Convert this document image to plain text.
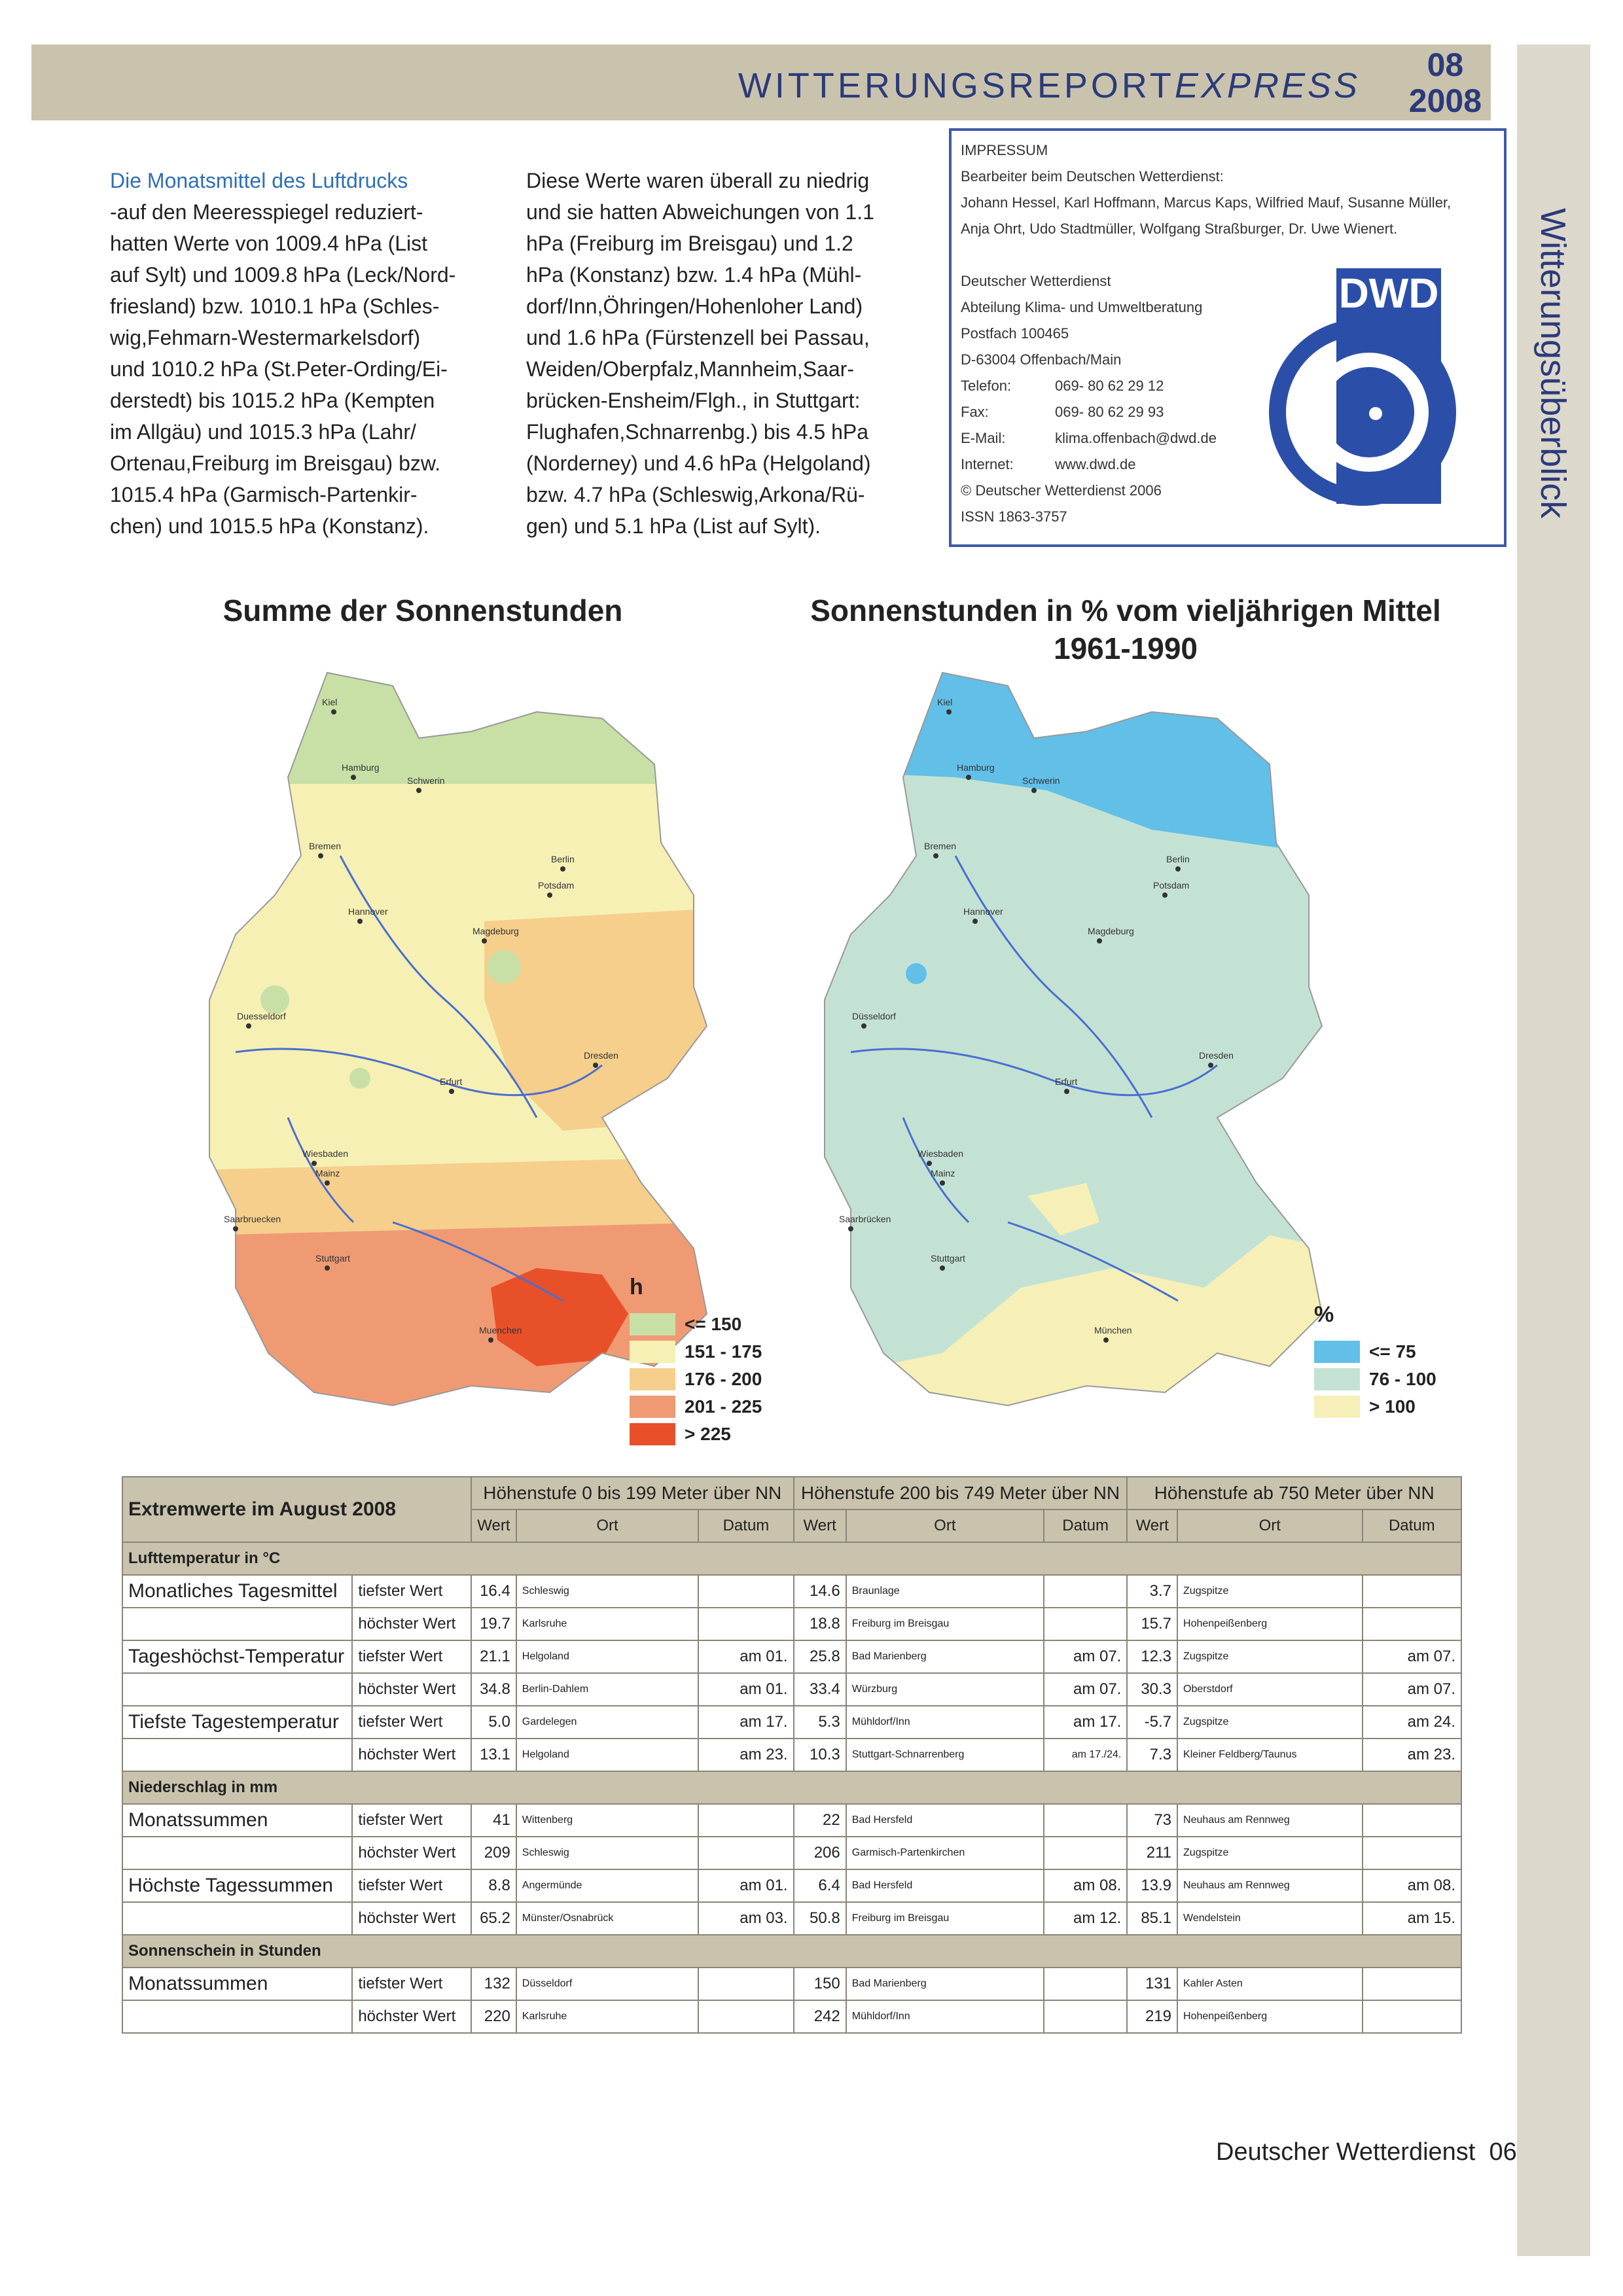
WITTERUNGSREPORTEXPRESS
08
2008
Witterungsüberblick
Die Monatsmittel des Luftdrucks
-auf den Meeresspiegel reduziert-
hatten Werte von 1009.4 hPa (List
auf Sylt) und 1009.8 hPa (Leck/Nord-
friesland) bzw. 1010.1 hPa (Schles-
wig,Fehmarn-Westermarkelsdorf)
und 1010.2 hPa (St.Peter-Ording/Ei-
derstedt) bis 1015.2 hPa (Kempten
im Allgäu) und 1015.3 hPa (Lahr/
Ortenau,Freiburg im Breisgau) bzw.
1015.4 hPa (Garmisch-Partenkir-
chen) und 1015.5 hPa (Konstanz).
Diese Werte waren überall zu niedrig
und sie hatten Abweichungen von 1.1
hPa (Freiburg im Breisgau) und 1.2
hPa (Konstanz) bzw. 1.4 hPa (Mühl-
dorf/Inn,Öhringen/Hohenloher Land)
und 1.6 hPa (Fürstenzell bei Passau,
Weiden/Oberpfalz,Mannheim,Saar-
brücken-Ensheim/Flgh., in Stuttgart:
Flughafen,Schnarrenbg.) bis 4.5 hPa
(Norderney) und 4.6 hPa (Helgoland)
bzw. 4.7 hPa (Schleswig,Arkona/Rü-
gen) und 5.1 hPa (List auf Sylt).
IMPRESSUM
Bearbeiter beim Deutschen Wetterdienst:
Johann Hessel, Karl Hoffmann, Marcus Kaps, Wilfried Mauf, Susanne Müller,
Anja Ohrt, Udo Stadtmüller, Wolfgang Straßburger, Dr. Uwe Wienert.
Deutscher Wetterdienst
Abteilung Klima- und Umweltberatung
Postfach 100465
D-63004 Offenbach/Main
Telefon:	069- 80 62 29 12
Fax:	069- 80 62 29 93
E-Mail:	klima.offenbach@dwd.de
Internet:	www.dwd.de
© Deutscher Wetterdienst 2006
ISSN 1863-3757
DWD
Summe der Sonnenstunden	Sonnenstunden in % vom vieljährigen Mittel
1961-1990
Kiel
Hamburg
Schwerin
Bremen
Berlin
Potsdam
Hannover
Magdeburg
Duesseldorf
Dresden
Erfurt
Wiesbaden
Mainz
Saarbruecken
Stuttgart
Muenchen
h
<= 150
151 - 175
176 - 200
201 - 225
> 225
Kiel
Hamburg
Schwerin
Bremen
Berlin
Potsdam
Hannover
Magdeburg
Düsseldorf
Dresden
Erfurt
Wiesbaden
Mainz
Saarbrücken
Stuttgart
München
%
<= 75
76 - 100
> 100
Extremwerte im August 2008		Höhenstufe 0 bis 199 Meter über NN			Höhenstufe 200 bis 749 Meter über NN			Höhenstufe ab 750 Meter über NN		
		Wert	Ort	Datum	Wert	Ort	Datum	Wert	Ort	Datum
Lufttemperatur in °C										
Monatliches Tagesmittel	tiefster Wert	16.4	Schleswig		14.6	Braunlage		3.7	Zugspitze	
	höchster Wert	19.7	Karlsruhe		18.8	Freiburg im Breisgau		15.7	Hohenpeißenberg	
Tageshöchst-Temperatur	tiefster Wert	21.1	Helgoland	am 01.	25.8	Bad Marienberg	am 07.	12.3	Zugspitze	am 07.
	höchster Wert	34.8	Berlin-Dahlem	am 01.	33.4	Würzburg	am 07.	30.3	Oberstdorf	am 07.
Tiefste Tagestemperatur	tiefster Wert	5.0	Gardelegen	am 17.	5.3	Mühldorf/Inn	am 17.	-5.7	Zugspitze	am 24.
	höchster Wert	13.1	Helgoland	am 23.	10.3	Stuttgart-Schnarrenberg	am 17./24.	7.3	Kleiner Feldberg/Taunus	am 23.
Niederschlag in mm										
Monatssummen	tiefster Wert	41	Wittenberg		22	Bad Hersfeld		73	Neuhaus am Rennweg	
	höchster Wert	209	Schleswig		206	Garmisch-Partenkirchen		211	Zugspitze	
Höchste Tagessummen	tiefster Wert	8.8	Angermünde	am 01.	6.4	Bad Hersfeld	am 08.	13.9	Neuhaus am Rennweg	am 08.
	höchster Wert	65.2	Münster/Osnabrück	am 03.	50.8	Freiburg im Breisgau	am 12.	85.1	Wendelstein	am 15.
Sonnenschein in Stunden										
Monatssummen	tiefster Wert	132	Düsseldorf		150	Bad Marienberg		131	Kahler Asten	
	höchster Wert	220	Karlsruhe		242	Mühldorf/Inn		219	Hohenpeißenberg	
Deutscher Wetterdienst 06
